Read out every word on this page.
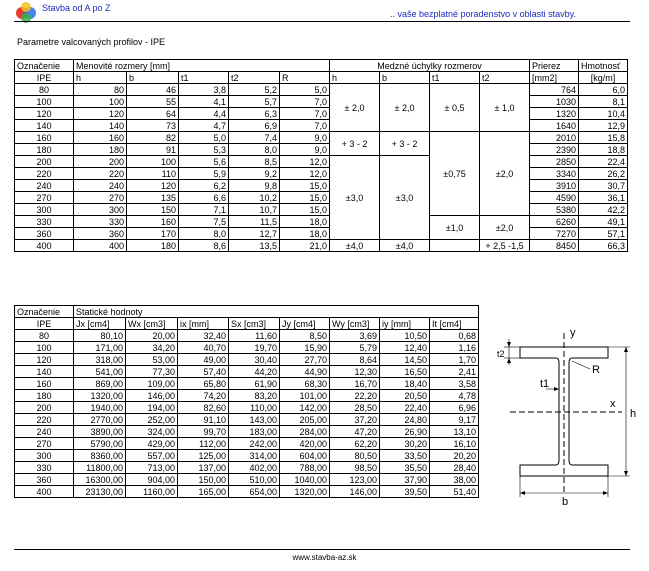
Stavba od A po Z
.. vaše bezplatné poradenstvo v oblasti stavby.
Parametre valcovaných profilov - IPE
Označenie	Menovité rozmery [mm]					Medzné úchylky rozmerov				Prierez	Hmotnosť
IPE	h	b	t1	t2	R	h	b	t1	t2	[mm2]	[kg/m]
80	80	46	3,8	5,2	5,0	± 2,0	± 2,0	± 0,5	± 1,0	764	6,0
100	100	55	4,1	5,7	7,0					1030	8,1
120	120	64	4,4	6,3	7,0					1320	10,4
140	140	73	4,7	6,9	7,0					1640	12,9
160	160	82	5,0	7,4	9,0	+ 3 - 2	+ 3 - 2	±0,75	±2,0	2010	15,8
180	180	91	5,3	8,0	9,0					2390	18,8
200	200	100	5,6	8,5	12,0	±3,0	±3,0			2850	22,4
220	220	110	5,9	9,2	12,0					3340	26,2
240	240	120	6,2	9,8	15,0					3910	30,7
270	270	135	6,6	10,2	15,0					4590	36,1
300	300	150	7,1	10,7	15,0					5380	42,2
330	330	160	7,5	11,5	18,0			±1,0	±2,0	6260	49,1
360	360	170	8,0	12,7	18,0					7270	57,1
400	400	180	8,6	13,5	21,0	±4,0	±4,0		+ 2,5 -1,5	8450	66,3
Označenie	Statické hodnoty							
IPE	Jx [cm4]	Wx [cm3]	ix [mm]	Sx [cm3]	Jy [cm4]	Wy [cm3]	iy [mm]	It [cm4]
80	80,10	20,00	32,40	11,60	8,50	3,69	10,50	0,68
100	171,00	34,20	40,70	19,70	15,90	5,79	12,40	1,16
120	318,00	53,00	49,00	30,40	27,70	8,64	14,50	1,70
140	541,00	77,30	57,40	44,20	44,90	12,30	16,50	2,41
160	869,00	109,00	65,80	61,90	68,30	16,70	18,40	3,58
180	1320,00	146,00	74,20	83,20	101,00	22,20	20,50	4,78
200	1940,00	194,00	82,60	110,00	142,00	28,50	22,40	6,96
220	2770,00	252,00	91,10	143,00	205,00	37,20	24,80	9,17
240	3890,00	324,00	99,70	183,00	284,00	47,20	26,90	13,10
270	5790,00	429,00	112,00	242,00	420,00	62,20	30,20	16,10
300	8360,00	557,00	125,00	314,00	604,00	80,50	33,50	20,20
330	11800,00	713,00	137,00	402,00	788,00	98,50	35,50	28,40
360	16300,00	904,00	150,00	510,00	1040,00	123,00	37,90	38,00
400	23130,00	1160,00	165,00	654,00	1320,00	146,00	39,50	51,40
y
x
t2
t1
R
h
b
www.stavba-az.sk
